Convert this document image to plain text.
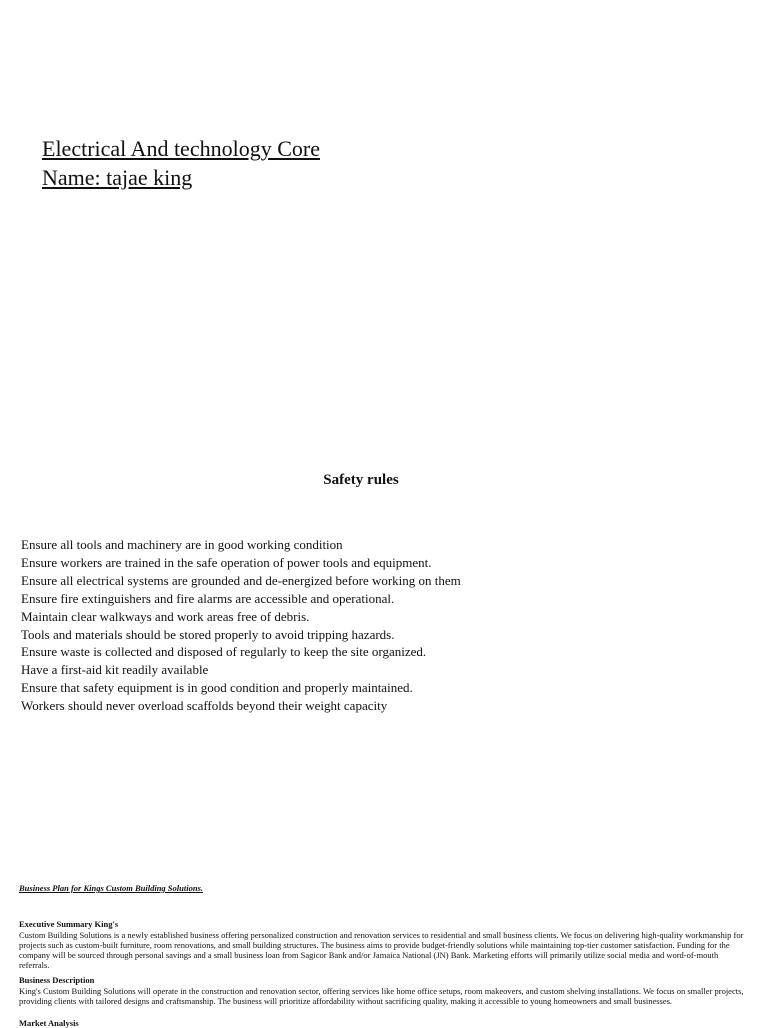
Electrical And technology Core
Name: tajae king
Safety rules
Ensure all tools and machinery are in good working condition
Ensure workers are trained in the safe operation of power tools and equipment.
Ensure all electrical systems are grounded and de-energized before working on them
Ensure fire extinguishers and fire alarms are accessible and operational.
Maintain clear walkways and work areas free of debris.
Tools and materials should be stored properly to avoid tripping hazards.
Ensure waste is collected and disposed of regularly to keep the site organized.
Have a first-aid kit readily available
Ensure that safety equipment is in good condition and properly maintained.
Workers should never overload scaffolds beyond their weight capacity
Business Plan for Kings Custom Building Solutions.
Executive Summary King's
Custom Building Solutions is a newly established business offering personalized construction and renovation services to residential and small business clients. We focus on delivering high-quality workmanship for projects such as custom-built furniture, room renovations, and small building structures. The business aims to provide budget-friendly solutions while maintaining top-tier customer satisfaction. Funding for the company will be sourced through personal savings and a small business loan from Sagicor Bank and/or Jamaica National (JN) Bank. Marketing efforts will primarily utilize social media and word-of-mouth referrals.
Business Description
King's Custom Building Solutions will operate in the construction and renovation sector, offering services like home office setups, room makeovers, and custom shelving installations. We focus on smaller projects, providing clients with tailored designs and craftsmanship. The business will prioritize affordability without sacrificing quality, making it accessible to young homeowners and small businesses.
Market Analysis
